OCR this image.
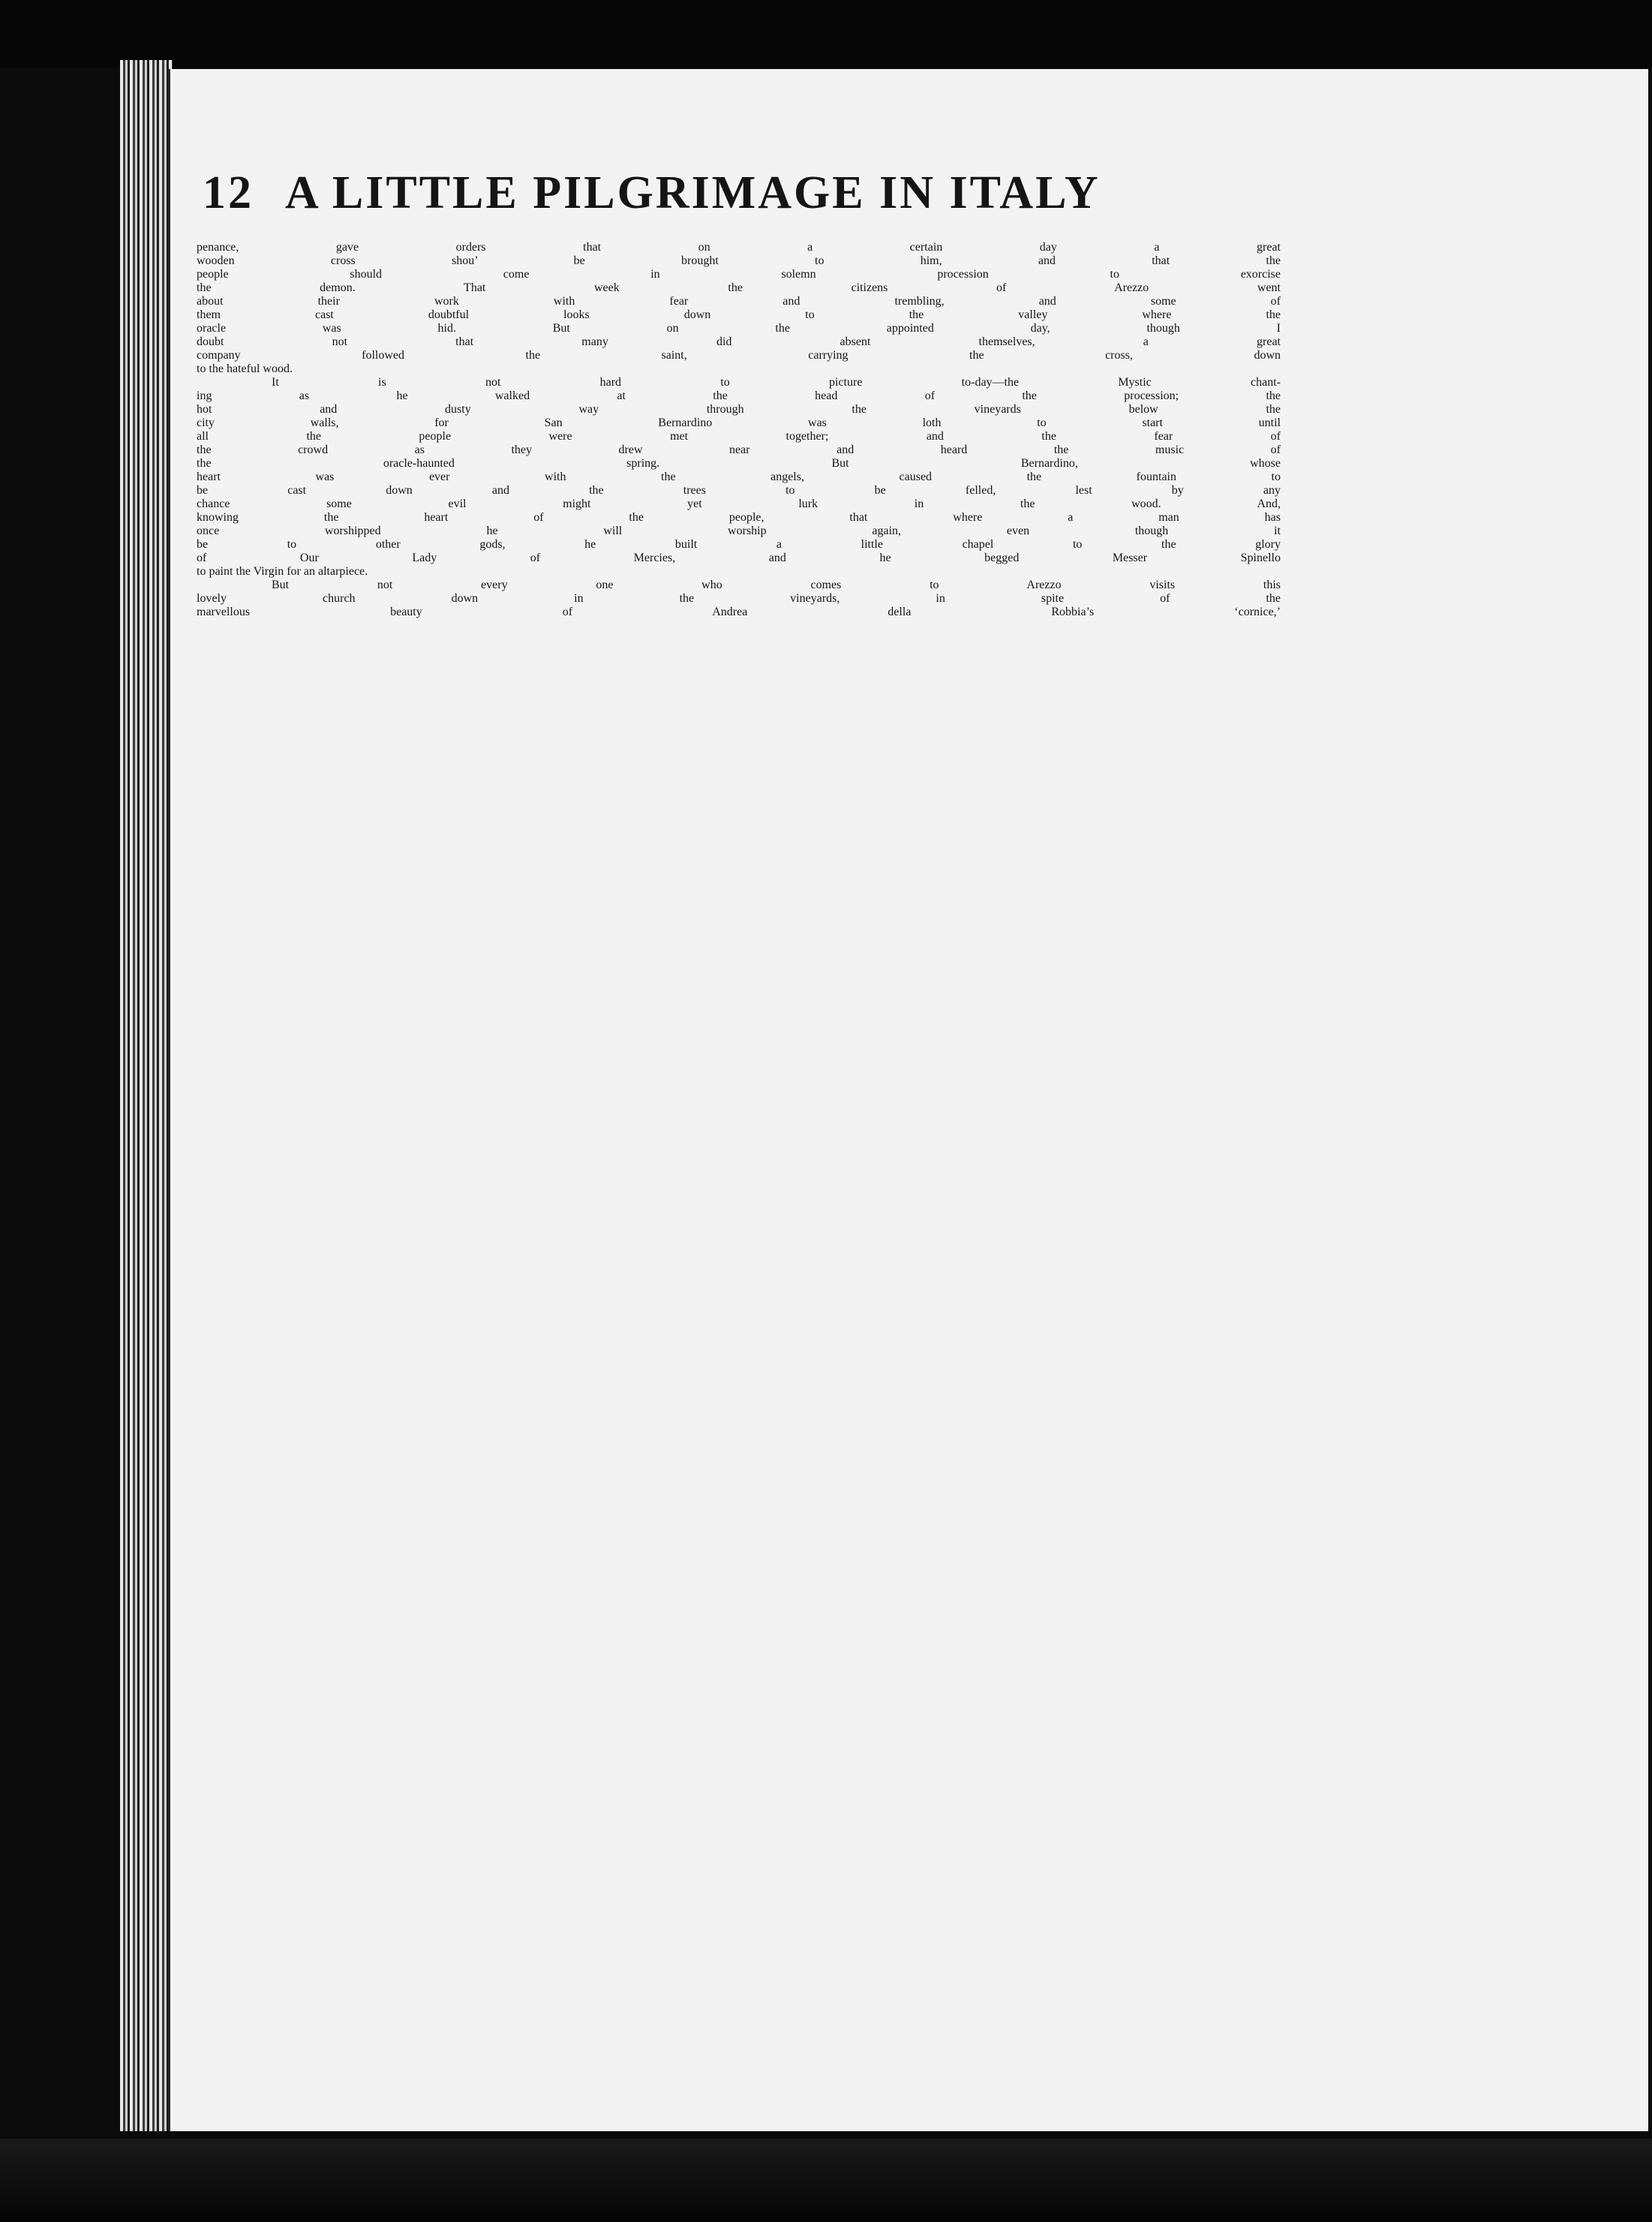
12 A LITTLE PILGRIMAGE IN ITALY
penance, gave orders that on a certain day a great
wooden cross shou’ be brought to him, and that the
people should come in solemn procession to exorcise
the demon. That week the citizens of Arezzo went
about their work with fear and trembling, and some of
them cast doubtful looks down to the valley where the
oracle was hid. But on the appointed day, though I
doubt not that many did absent themselves, a great
company followed the saint, carrying the cross, down
to the hateful wood.
It is not hard to picture to-day—the Mystic chant-
ing as he walked at the head of the procession; the
hot and dusty way through the vineyards below the
city walls, for San Bernardino was loth to start until
all the people were met together; and the fear of
the crowd as they drew near and heard the music of
the oracle-haunted spring. But Bernardino, whose
heart was ever with the angels, caused the fountain to
be cast down and the trees to be felled, lest by any
chance some evil might yet lurk in the wood. And,
knowing the heart of the people, that where a man has
once worshipped he will worship again, even though it
be to other gods, he built a little chapel to the glory
of Our Lady of Mercies, and he begged Messer Spinello
to paint the Virgin for an altarpiece.
But not every one who comes to Arezzo visits this
lovely church down in the vineyards, in spite of the
marvellous beauty of Andrea della Robbia’s ‘cornice,’
